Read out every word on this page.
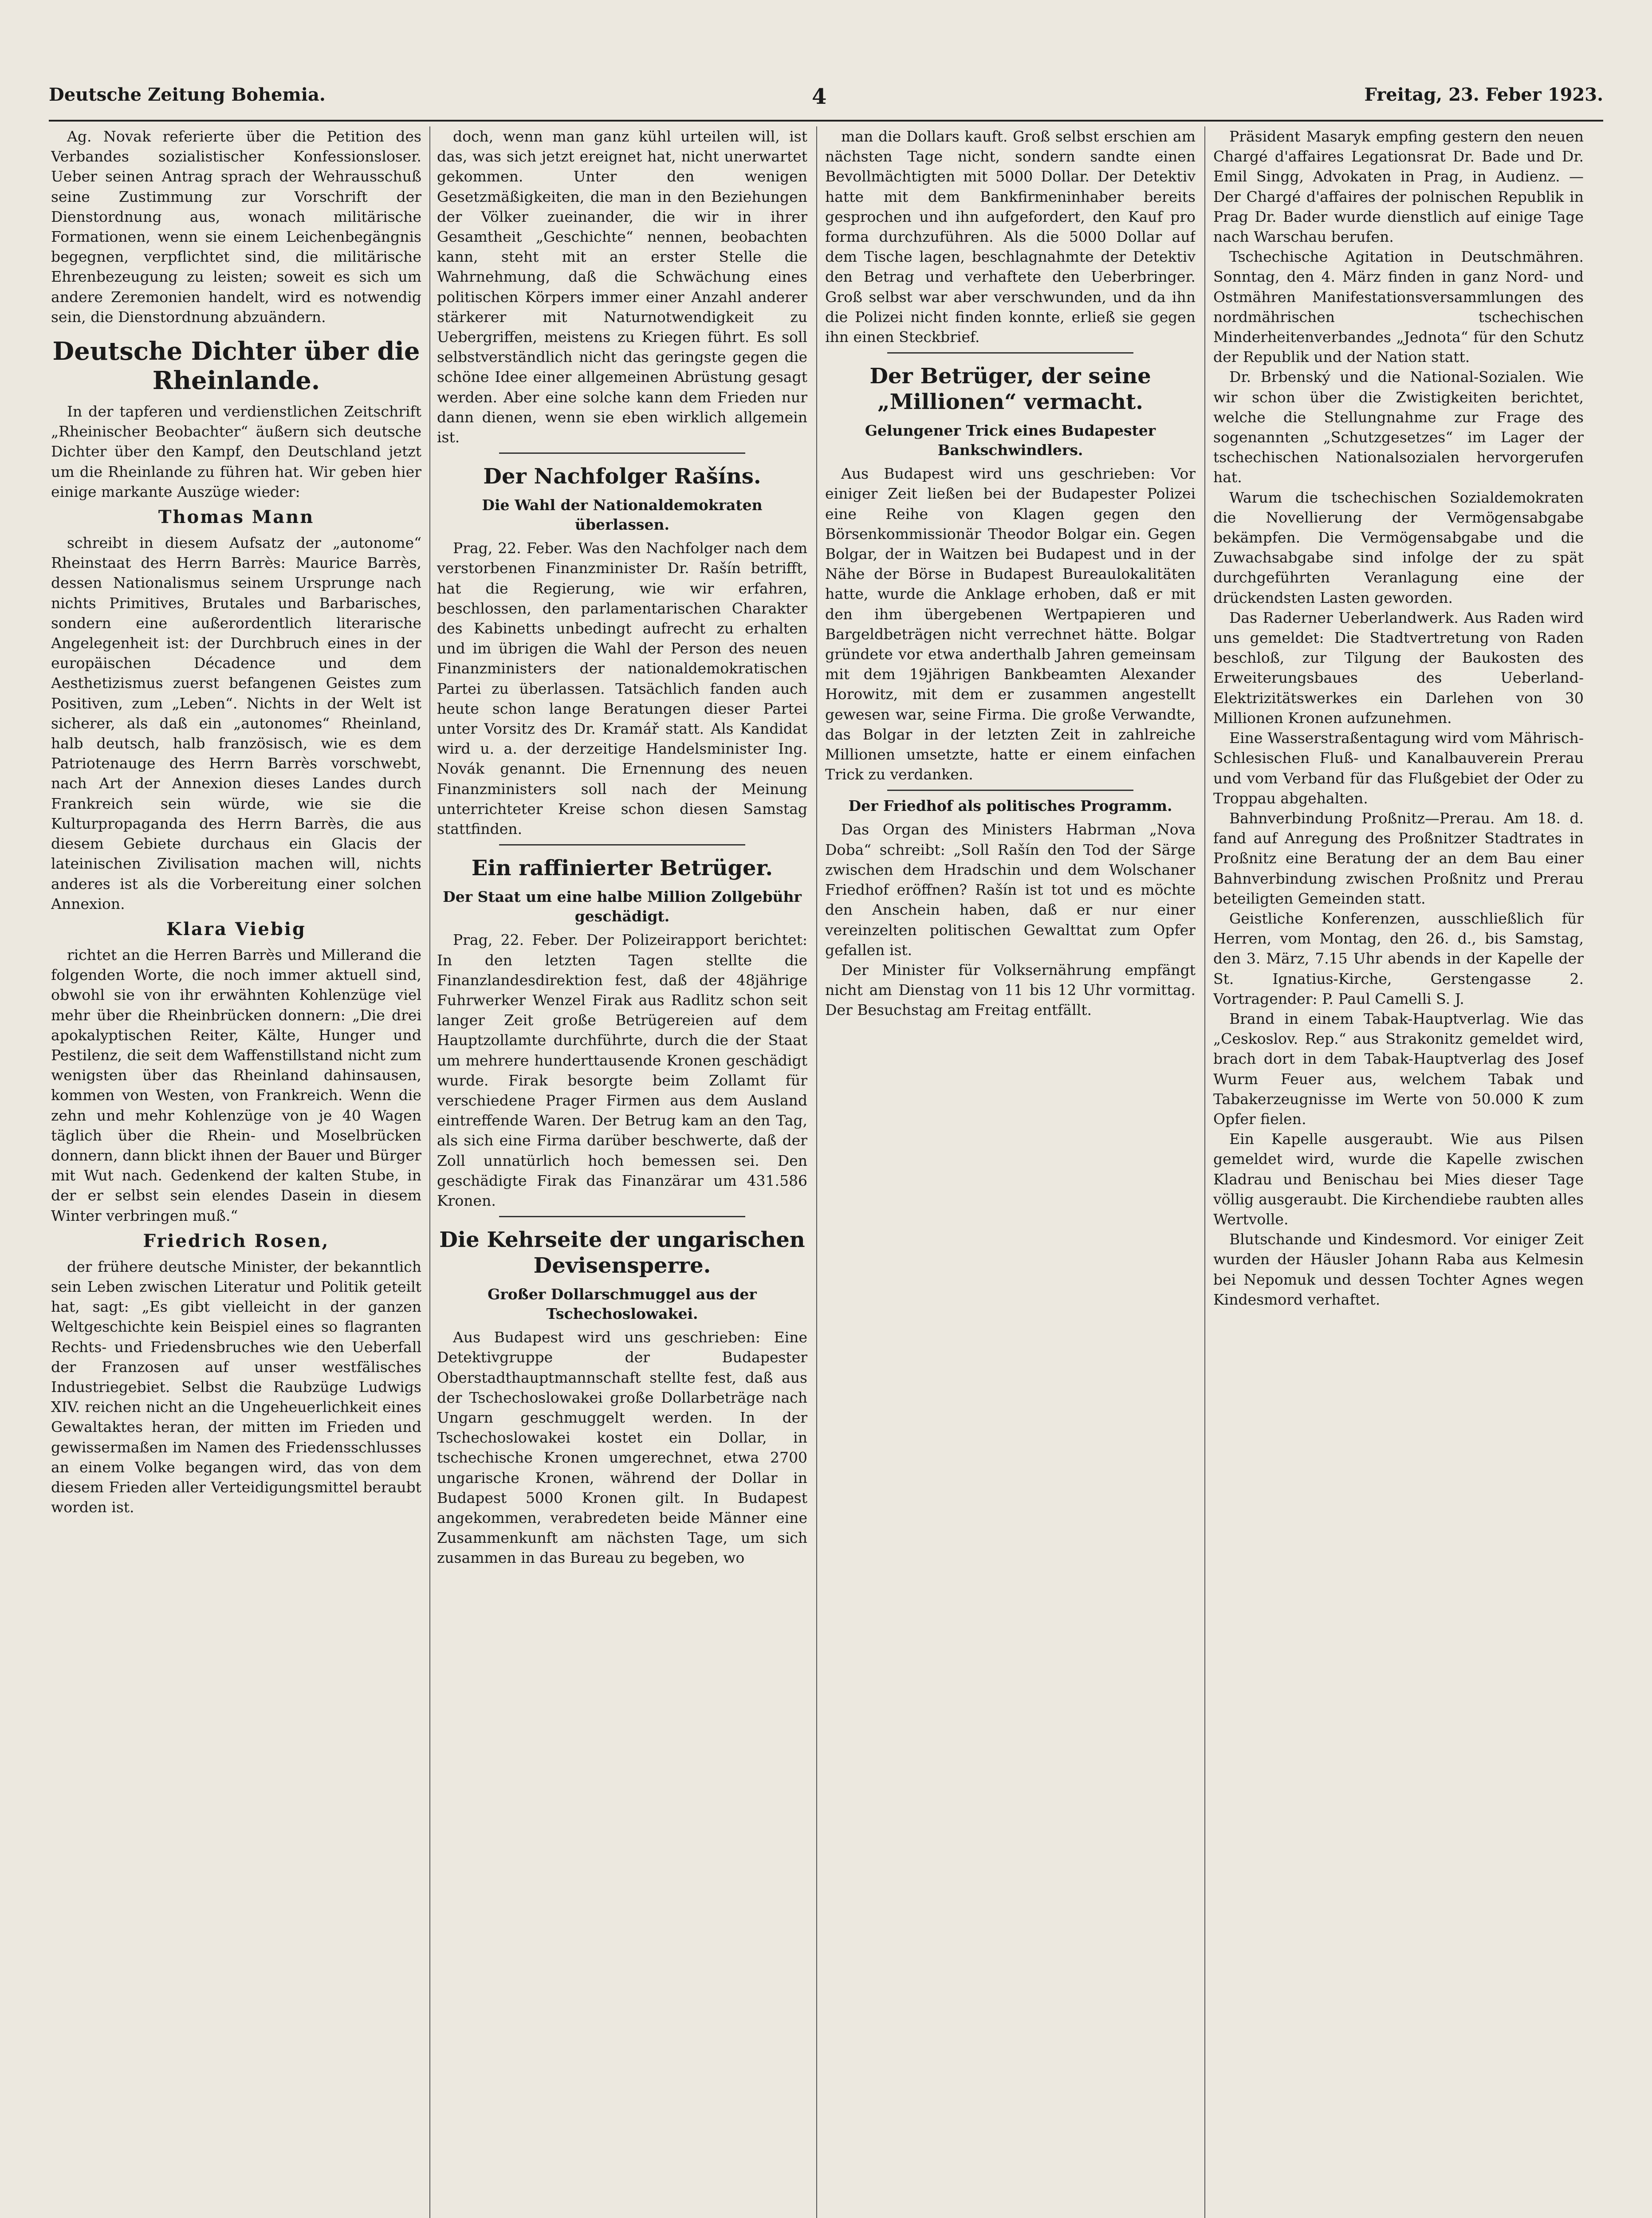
Deutsche Zeitung Bohemia.	4	Freitag, 23. Feber 1923.

Ag. Novak referierte über die Petition des Verbandes sozialistischer Konfessionsloser. Ueber seinen Antrag sprach der Wehrausschuß seine Zustimmung zur Vorschrift der Dienstordnung aus, wonach militärische Formationen, wenn sie einem Leichenbegängnis begegnen, verpflichtet sind, die militärische Ehrenbezeugung zu leisten; soweit es sich um andere Zeremonien handelt, wird es notwendig sein, die Dienstordnung abzuändern.

Deutsche Dichter über die Rheinlande.

In der tapferen und verdienstlichen Zeitschrift „Rheinischer Beobachter“ äußern sich deutsche Dichter über den Kampf, den Deutschland jetzt um die Rheinlande zu führen hat. Wir geben hier einige markante Auszüge wieder:

Thomas Mann

schreibt in diesem Aufsatz der „autonome“ Rheinstaat des Herrn Barrès: Maurice Barrès, dessen Nationalismus seinem Ursprunge nach nichts Primitives, Brutales und Barbarisches, sondern eine außerordentlich literarische Angelegenheit ist: der Durchbruch eines in der europäischen Décadence und dem Aesthetizismus zuerst befangenen Geistes zum Positiven, zum „Leben“. Nichts in der Welt ist sicherer, als daß ein „autonomes“ Rheinland, halb deutsch, halb französisch, wie es dem Patriotenauge des Herrn Barrès vorschwebt, nach Art der Annexion dieses Landes durch Frankreich sein würde, wie sie die Kulturpropaganda des Herrn Barrès, die aus diesem Gebiete durchaus ein Glacis der lateinischen Zivilisation machen will, nichts anderes ist als die Vorbereitung einer solchen Annexion.

Klara Viebig

richtet an die Herren Barrès und Millerand die folgenden Worte, die noch immer aktuell sind, obwohl sie von ihr erwähnten Kohlenzüge viel mehr über die Rheinbrücken donnern: „Die drei apokalyptischen Reiter, Kälte, Hunger und Pestilenz, die seit dem Waffenstillstand nicht zum wenigsten über das Rheinland dahinsausen, kommen von Westen, von Frankreich. Wenn die zehn und mehr Kohlenzüge von je 40 Wagen täglich über die Rhein- und Moselbrücken donnern, dann blickt ihnen der Bauer und Bürger mit Wut nach. Gedenkend der kalten Stube, in der er selbst sein elendes Dasein in diesem Winter verbringen muß.“

Friedrich Rosen,

der frühere deutsche Minister, der bekanntlich sein Leben zwischen Literatur und Politik geteilt hat, sagt: „Es gibt vielleicht in der ganzen Weltgeschichte kein Beispiel eines so flagranten Rechts- und Friedensbruches wie den Ueberfall der Franzosen auf unser westfälisches Industriegebiet. Selbst die Raubzüge Ludwigs XIV. reichen nicht an die Ungeheuerlichkeit eines Gewaltaktes heran, der mitten im Frieden und gewissermaßen im Namen des Friedensschlusses an einem Volke begangen wird, das von dem diesem Frieden aller Verteidigungsmittel beraubt worden ist.

doch, wenn man ganz kühl urteilen will, ist das, was sich jetzt ereignet hat, nicht unerwartet gekommen. Unter den wenigen Gesetzmäßigkeiten, die man in den Beziehungen der Völker zueinander, die wir in ihrer Gesamtheit „Geschichte“ nennen, beobachten kann, steht mit an erster Stelle die Wahrnehmung, daß die Schwächung eines politischen Körpers immer einer Anzahl anderer stärkerer mit Naturnotwendigkeit zu Uebergriffen, meistens zu Kriegen führt. Es soll selbstverständlich nicht das geringste gegen die schöne Idee einer allgemeinen Abrüstung gesagt werden. Aber eine solche kann dem Frieden nur dann dienen, wenn sie eben wirklich allgemein ist.

Der Nachfolger Rašíns.
Die Wahl der Nationaldemokraten überlassen.

Prag, 22. Feber. Was den Nachfolger nach dem verstorbenen Finanzminister Dr. Rašín betrifft, hat die Regierung, wie wir erfahren, beschlossen, den parlamentarischen Charakter des Kabinetts unbedingt aufrecht zu erhalten und im übrigen die Wahl der Person des neuen Finanzministers der nationaldemokratischen Partei zu überlassen. Tatsächlich fanden auch heute schon lange Beratungen dieser Partei unter Vorsitz des Dr. Kramář statt. Als Kandidat wird u. a. der derzeitige Handelsminister Ing. Novák genannt. Die Ernennung des neuen Finanzministers soll nach der Meinung unterrichteter Kreise schon diesen Samstag stattfinden.

Ein raffinierter Betrüger.
Der Staat um eine halbe Million Zollgebühr geschädigt.

Prag, 22. Feber. Der Polizeirapport berichtet: In den letzten Tagen stellte die Finanzlandesdirektion fest, daß der 48jährige Fuhrwerker Wenzel Firak aus Radlitz schon seit langer Zeit große Betrügereien auf dem Hauptzollamte durchführte, durch die der Staat um mehrere hunderttausende Kronen geschädigt wurde. Firak besorgte beim Zollamt für verschiedene Prager Firmen aus dem Ausland eintreffende Waren. Der Betrug kam an den Tag, als sich eine Firma darüber beschwerte, daß der Zoll unnatürlich hoch bemessen sei. Den geschädigte Firak das Finanzärar um 431.586 Kronen.

Die Kehrseite der ungarischen Devisensperre.
Großer Dollarschmuggel aus der Tschechoslowakei.

Aus Budapest wird uns geschrieben: Eine Detektivgruppe der Budapester Oberstadthauptmannschaft stellte fest, daß aus der Tschechoslowakei große Dollarbeträge nach Ungarn geschmuggelt werden. In der Tschechoslowakei kostet ein Dollar, in tschechische Kronen umgerechnet, etwa 2700 ungarische Kronen, während der Dollar in Budapest 5000 Kronen gilt. In Budapest angekommen, verabredeten beide Männer eine Zusammenkunft am nächsten Tage, um sich zusammen in das Bureau zu begeben, wo

man die Dollars kauft. Groß selbst erschien am nächsten Tage nicht, sondern sandte einen Bevollmächtigten mit 5000 Dollar. Der Detektiv hatte mit dem Bankfirmeninhaber bereits gesprochen und ihn aufgefordert, den Kauf pro forma durchzuführen. Als die 5000 Dollar auf dem Tische lagen, beschlagnahmte der Detektiv den Betrag und verhaftete den Ueberbringer. Groß selbst war aber verschwunden, und da ihn die Polizei nicht finden konnte, erließ sie gegen ihn einen Steckbrief.

Der Betrüger, der seine „Millionen“ vermacht.
Gelungener Trick eines Budapester Bankschwindlers.

Aus Budapest wird uns geschrieben: Vor einiger Zeit ließen bei der Budapester Polizei eine Reihe von Klagen gegen den Börsenkommissionär Theodor Bolgar ein. Gegen Bolgar, der in Waitzen bei Budapest und in der Nähe der Börse in Budapest Bureaulokalitäten hatte, wurde die Anklage erhoben, daß er mit den ihm übergebenen Wertpapieren und Bargeldbeträgen nicht verrechnet hätte. Bolgar gründete vor etwa anderthalb Jahren gemeinsam mit dem 19jährigen Bankbeamten Alexander Horowitz, mit dem er zusammen angestellt gewesen war, seine Firma. Die große Verwandte, das Bolgar in der letzten Zeit in zahlreiche Millionen umsetzte, hatte er einem einfachen Trick zu verdanken.

Der Friedhof als politisches Programm.

Das Organ des Ministers Habrman „Nova Doba“ schreibt: „Soll Rašín den Tod der Särge zwischen dem Hradschin und dem Wolschaner Friedhof eröffnen? Rašín ist tot und es möchte den Anschein haben, daß er nur einer vereinzelten politischen Gewalttat zum Opfer gefallen ist.

Der Minister für Volksernährung empfängt nicht am Dienstag von 11 bis 12 Uhr vormittag. Der Besuchstag am Freitag entfällt.

Präsident Masaryk empfing gestern den neuen Chargé d'affaires Legationsrat Dr. Bade und Dr. Emil Singg, Advokaten in Prag, in Audienz. — Der Chargé d'affaires der polnischen Republik in Prag Dr. Bader wurde dienstlich auf einige Tage nach Warschau berufen.

Tschechische Agitation in Deutschmähren. Sonntag, den 4. März finden in ganz Nord- und Ostmähren Manifestationsversammlungen des nordmährischen tschechischen Minderheitenverbandes „Jednota“ für den Schutz der Republik und der Nation statt.

Dr. Brbenský und die National-Sozialen. Wie wir schon über die Zwistigkeiten berichtet, welche die Stellungnahme zur Frage des sogenannten „Schutzgesetzes“ im Lager der tschechischen Nationalsozialen hervorgerufen hat.

Warum die tschechischen Sozialdemokraten die Novellierung der Vermögensabgabe bekämpfen. Die Vermögensabgabe und die Zuwachsabgabe sind infolge der zu spät durchgeführten Veranlagung eine der drückendsten Lasten geworden.

Das Raderner Ueberlandwerk. Aus Raden wird uns gemeldet: Die Stadtvertretung von Raden beschloß, zur Tilgung der Baukosten des Erweiterungsbaues des Ueberland-Elektrizitätswerkes ein Darlehen von 30 Millionen Kronen aufzunehmen.

Eine Wasserstraßentagung wird vom Mährisch-Schlesischen Fluß- und Kanalbauverein Prerau und vom Verband für das Flußgebiet der Oder zu Troppau abgehalten.

Bahnverbindung Proßnitz—Prerau. Am 18. d. fand auf Anregung des Proßnitzer Stadtrates in Proßnitz eine Beratung der an dem Bau einer Bahnverbindung zwischen Proßnitz und Prerau beteiligten Gemeinden statt.

Geistliche Konferenzen, ausschließlich für Herren, vom Montag, den 26. d., bis Samstag, den 3. März, 7.15 Uhr abends in der Kapelle der St. Ignatius-Kirche, Gerstengasse 2. Vortragender: P. Paul Camelli S. J.

Brand in einem Tabak-Hauptverlag. Wie das „Ceskoslov. Rep.“ aus Strakonitz gemeldet wird, brach dort in dem Tabak-Hauptverlag des Josef Wurm Feuer aus, welchem Tabak und Tabakerzeugnisse im Werte von 50.000 K zum Opfer fielen.

Ein Kapelle ausgeraubt. Wie aus Pilsen gemeldet wird, wurde die Kapelle zwischen Kladrau und Benischau bei Mies dieser Tage völlig ausgeraubt. Die Kirchendiebe raubten alles Wertvolle.

Blutschande und Kindesmord. Vor einiger Zeit wurden der Häusler Johann Raba aus Kelmesin bei Nepomuk und dessen Tochter Agnes wegen Kindesmord verhaftet.
